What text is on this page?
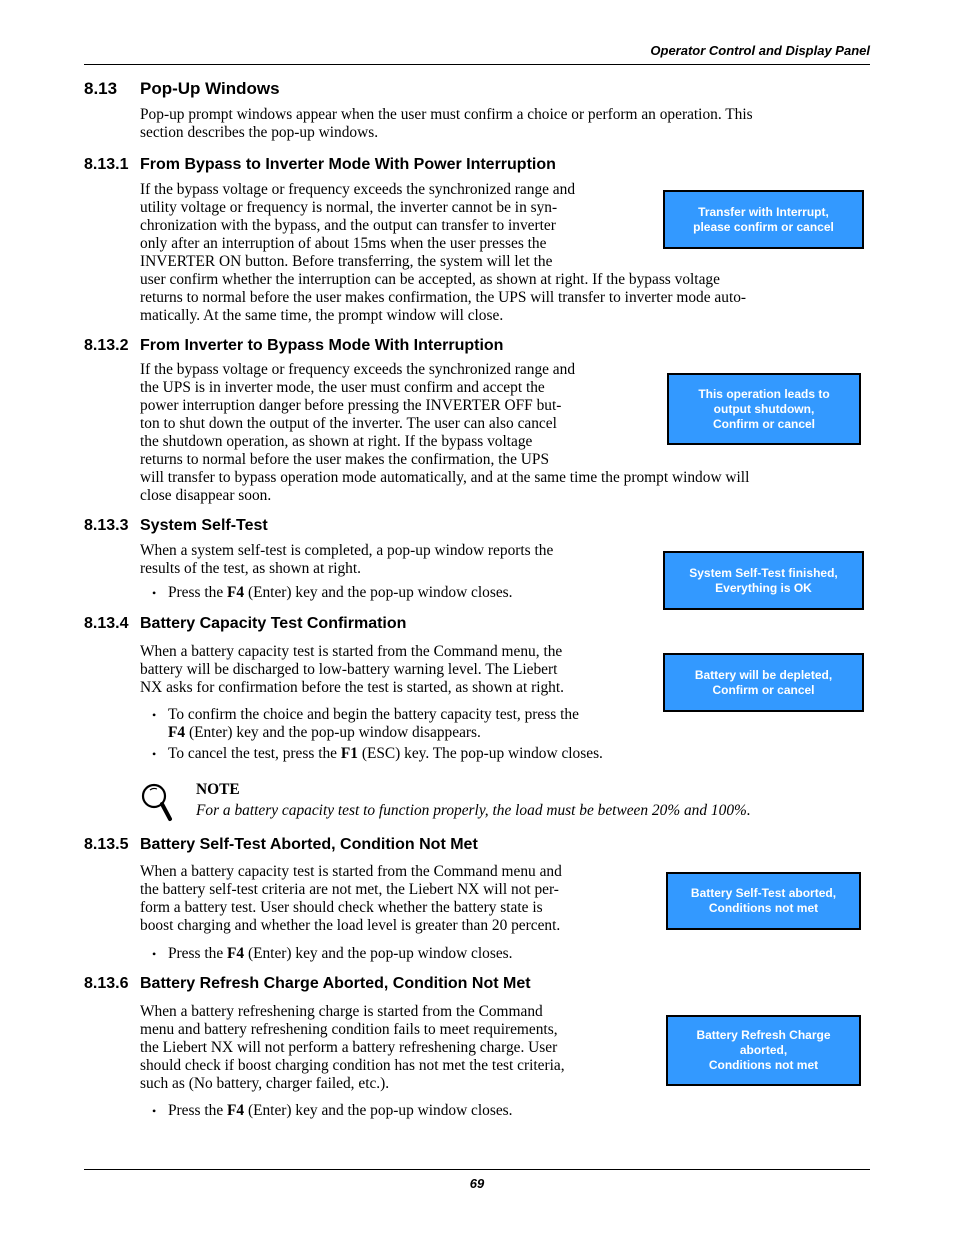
Operator Control and Display Panel
8.13 Pop-Up Windows
Pop-up prompt windows appear when the user must confirm a choice or perform an operation. This
section describes the pop-up windows.
8.13.1 From Bypass to Inverter Mode With Power Interruption
If the bypass voltage or frequency exceeds the synchronized range and
utility voltage or frequency is normal, the inverter cannot be in syn-
chronization with the bypass, and the output can transfer to inverter
only after an interruption of about 15ms when the user presses the
INVERTER ON button. Before transferring, the system will let the
user confirm whether the interruption can be accepted, as shown at right. If the bypass voltage
returns to normal before the user makes confirmation, the UPS will transfer to inverter mode auto-
matically. At the same time, the prompt window will close.
Transfer with Interrupt,
please confirm or cancel
8.13.2 From Inverter to Bypass Mode With Interruption
If the bypass voltage or frequency exceeds the synchronized range and
the UPS is in inverter mode, the user must confirm and accept the
power interruption danger before pressing the INVERTER OFF but-
ton to shut down the output of the inverter. The user can also cancel
the shutdown operation, as shown at right. If the bypass voltage
returns to normal before the user makes the confirmation, the UPS
will transfer to bypass operation mode automatically, and at the same time the prompt window will
close disappear soon.
This operation leads to
output shutdown,
Confirm or cancel
8.13.3 System Self-Test
When a system self-test is completed, a pop-up window reports the
results of the test, as shown at right.
• Press the F4 (Enter) key and the pop-up window closes.
System Self-Test finished,
Everything is OK
8.13.4 Battery Capacity Test Confirmation
When a battery capacity test is started from the Command menu, the
battery will be discharged to low-battery warning level. The Liebert
NX asks for confirmation before the test is started, as shown at right.
• To confirm the choice and begin the battery capacity test, press the
F4 (Enter) key and the pop-up window disappears.
• To cancel the test, press the F1 (ESC) key. The pop-up window closes.
Battery will be depleted,
Confirm or cancel
NOTE
For a battery capacity test to function properly, the load must be between 20% and 100%.
8.13.5 Battery Self-Test Aborted, Condition Not Met
When a battery capacity test is started from the Command menu and
the battery self-test criteria are not met, the Liebert NX will not per-
form a battery test. User should check whether the battery state is
boost charging and whether the load level is greater than 20 percent.
• Press the F4 (Enter) key and the pop-up window closes.
Battery Self-Test aborted,
Conditions not met
8.13.6 Battery Refresh Charge Aborted, Condition Not Met
When a battery refreshening charge is started from the Command
menu and battery refreshening condition fails to meet requirements,
the Liebert NX will not perform a battery refreshening charge. User
should check if boost charging condition has not met the test criteria,
such as (No battery, charger failed, etc.).
• Press the F4 (Enter) key and the pop-up window closes.
Battery Refresh Charge
aborted,
Conditions not met
69
